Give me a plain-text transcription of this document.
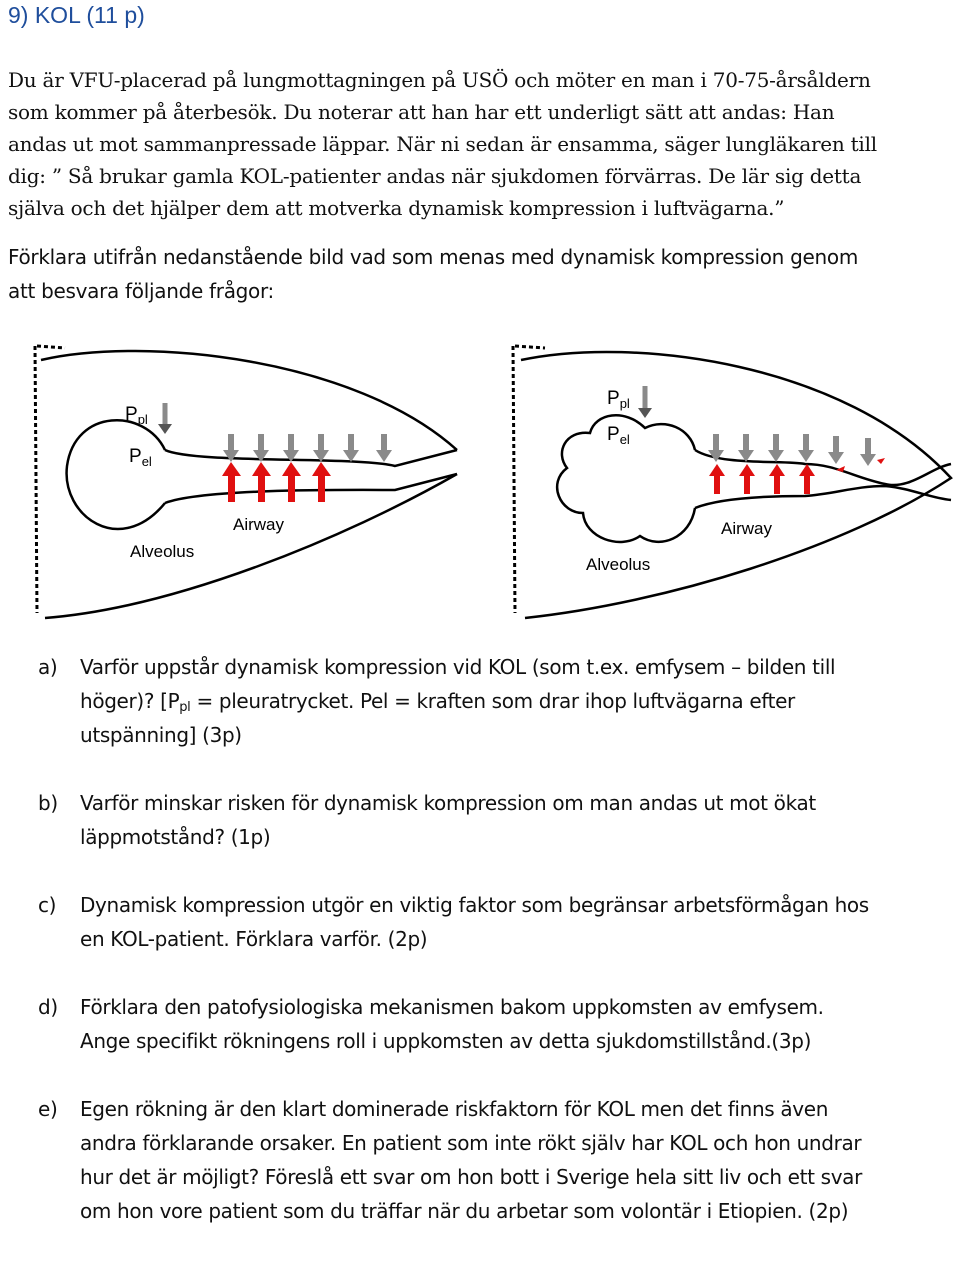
9) KOL (11 p)
Du är VFU-placerad på lungmottagningen på USÖ och möter en man i 70-75-årsåldern
som kommer på återbesök. Du noterar att han har ett underligt sätt att andas: Han
andas ut mot sammanpressade läppar. När ni sedan är ensamma, säger lungläkaren till
dig: ” Så brukar gamla KOL-patienter andas när sjukdomen förvärras. De lär sig detta
själva och det hjälper dem att motverka dynamisk kompression i luftvägarna.”
Förklara utifrån nedanstående bild vad som menas med dynamisk kompression genom
att besvara följande frågor:
$P_{pl}$
$P_{el}$
Airway
Alveolus
$P_{pl}$
$P_{el}$
Airway
Alveolus
a) Varför uppstår dynamisk kompression vid KOL (som t.ex. emfysem – bilden till
höger)? [$P_{pl}$ = pleuratrycket. Pel = kraften som drar ihop luftvägarna efter
utspänning] (3p)
b) Varför minskar risken för dynamisk kompression om man andas ut mot ökat
läppmotstånd? (1p)
c) Dynamisk kompression utgör en viktig faktor som begränsar arbetsförmågan hos
en KOL-patient. Förklara varför. (2p)
d) Förklara den patofysiologiska mekanismen bakom uppkomsten av emfysem.
Ange specifikt rökningens roll i uppkomsten av detta sjukdomstillstånd.(3p)
e) Egen rökning är den klart dominerade riskfaktorn för KOL men det finns även
andra förklarande orsaker. En patient som inte rökt själv har KOL och hon undrar
hur det är möjligt? Föreslå ett svar om hon bott i Sverige hela sitt liv och ett svar
om hon vore patient som du träffar när du arbetar som volontär i Etiopien. (2p)
